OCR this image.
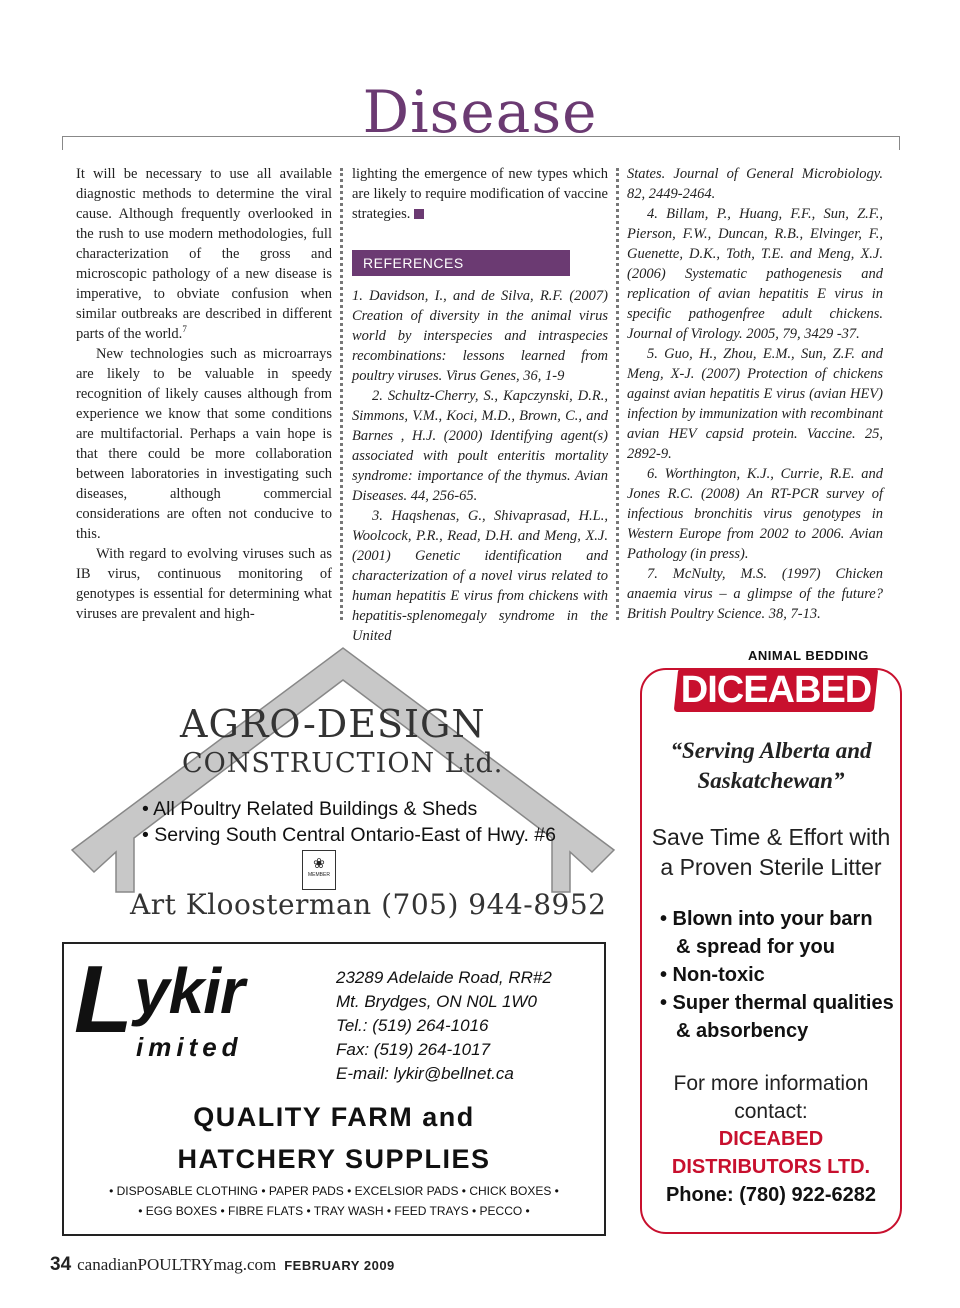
Disease

It will be necessary to use all available diagnostic methods to determine the viral cause. Although frequently overlooked in the rush to use modern methodologies, full characterization of the gross and microscopic pathology of a new disease is imperative, to obviate confusion when similar outbreaks are described in different parts of the world.$^7$

New technologies such as microarrays are likely to be valuable in speedy recognition of likely causes although from experience we know that some conditions are multifactorial. Perhaps a vain hope is that there could be more collaboration between laboratories in investigating such diseases, although commercial considerations are often not conducive to this.

With regard to evolving viruses such as IB virus, continuous monitoring of genotypes is essential for determining what viruses are prevalent and high-

lighting the emergence of new types which are likely to require modification of vaccine strategies.

REFERENCES

1. Davidson, I., and de Silva, R.F. (2007) Creation of diversity in the animal virus world by interspecies and intraspecies recombinations: lessons learned from poultry viruses. Virus Genes, 36, 1-9

2. Schultz-Cherry, S., Kapczynski, D.R., Simmons, V.M., Koci, M.D., Brown, C., and Barnes , H.J. (2000) Identifying agent(s) associated with poult enteritis mortality syndrome: importance of the thymus. Avian Diseases. 44, 256-65.

3. Haqshenas, G., Shivaprasad, H.L., Woolcock, P.R., Read, D.H. and Meng, X.J. (2001) Genetic identification and characterization of a novel virus related to human hepatitis E virus from chickens with hepatitis-splenomegaly syndrome in the United

States. Journal of General Microbiology. 82, 2449-2464.

4. Billam, P., Huang, F.F., Sun, Z.F., Pierson, F.W., Duncan, R.B., Elvinger, F., Guenette, D.K., Toth, T.E. and Meng, X.J. (2006) Systematic pathogenesis and replication of avian hepatitis E virus in specific pathogenfree adult chickens. Journal of Virology. 2005, 79, 3429 -37.

5. Guo, H., Zhou, E.M., Sun, Z.F. and Meng, X-J. (2007) Protection of chickens against avian hepatitis E virus (avian HEV) infection by immunization with recombinant avian HEV capsid protein. Vaccine. 25, 2892-9.

6. Worthington, K.J., Currie, R.E. and Jones R.C. (2008) An RT-PCR survey of infectious bronchitis virus genotypes in Western Europe from 2002 to 2006. Avian Pathology (in press).

7. McNulty, M.S. (1997) Chicken anaemia virus – a glimpse of the future? British Poultry Science. 38, 7-13.

AGRO-DESIGN
CONSTRUCTION Ltd.
• All Poultry Related Buildings & Sheds
• Serving South Central Ontario-East of Hwy. #6
❀
MEMBER
Art Kloosterman (705) 944-8952
L ykir
imited
23289 Adelaide Road, RR#2
Mt. Brydges, ON N0L 1W0
Tel.: (519) 264-1016
Fax: (519) 264-1017
E-mail: lykir@bellnet.ca
QUALITY FARM and
HATCHERY SUPPLIES
• DISPOSABLE CLOTHING • PAPER PADS • EXCELSIOR PADS • CHICK BOXES •
• EGG BOXES • FIBRE FLATS • TRAY WASH • FEED TRAYS • PECCO •
ANIMAL BEDDING
DICEABED
“Serving Alberta and
Saskatchewan”
Save Time & Effort with
a Proven Sterile Litter
• Blown into your barn
& spread for you
• Non-toxic
• Super thermal qualities
& absorbency
For more information
contact:
DICEABED
DISTRIBUTORS LTD.
Phone: (780) 922-6282
34 canadianPOULTRYmag.com FEBRUARY 2009
